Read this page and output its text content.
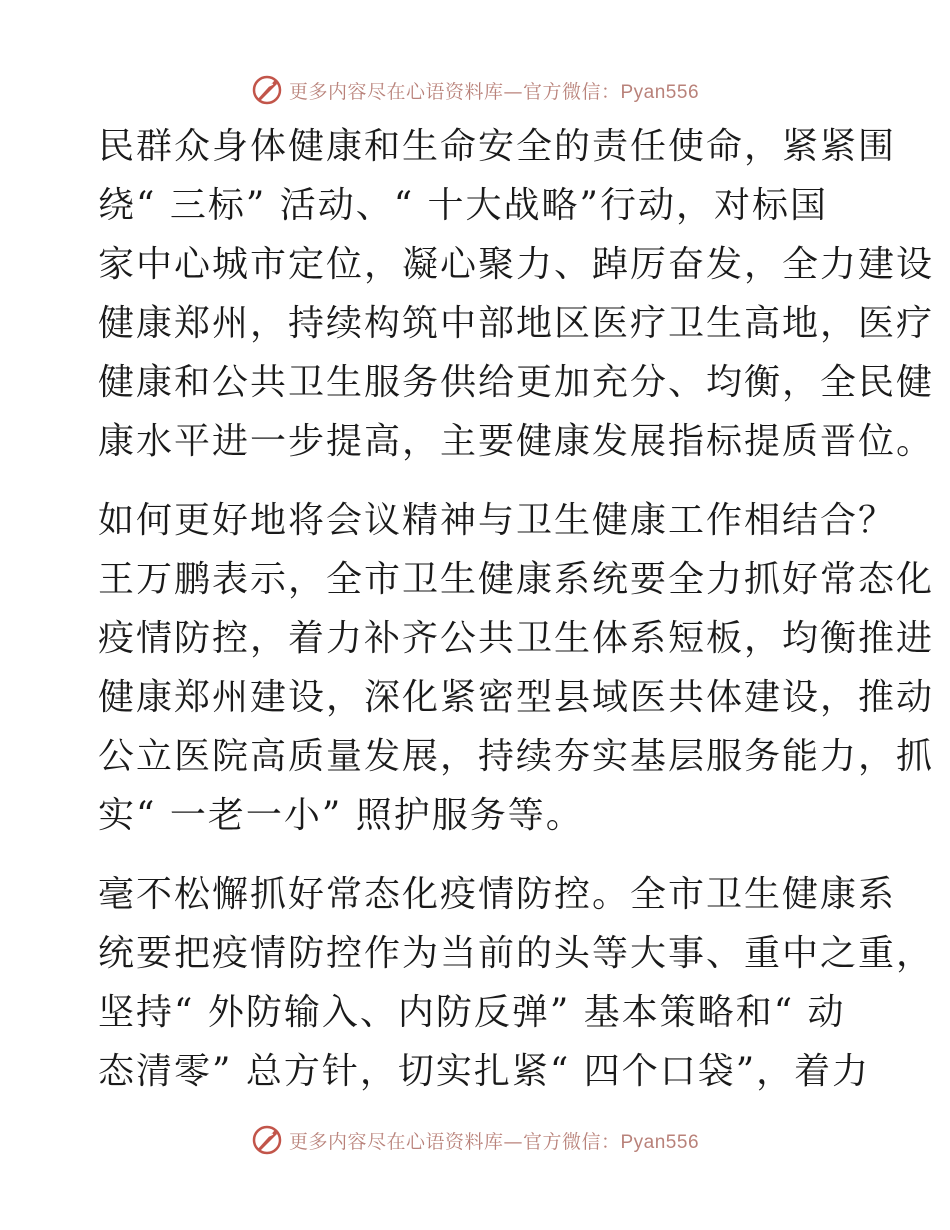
更多内容尽在心语资料库—官方微信：Pyan556
民群众身体健康和生命安全的责任使命，紧紧围
绕“ 三标” 活动、“ 十大战略”行动，对标国
家中心城市定位，凝心聚力、踔厉奋发，全力建设
健康郑州，持续构筑中部地区医疗卫生高地，医疗
健康和公共卫生服务供给更加充分、均衡，全民健
康水平进一步提高，主要健康发展指标提质晋位。
如何更好地将会议精神与卫生健康工作相结合？
王万鹏表示，全市卫生健康系统要全力抓好常态化
疫情防控，着力补齐公共卫生体系短板，均衡推进
健康郑州建设，深化紧密型县域医共体建设，推动
公立医院高质量发展，持续夯实基层服务能力，抓
实“ 一老一小” 照护服务等。
毫不松懈抓好常态化疫情防控。全市卫生健康系
统要把疫情防控作为当前的头等大事、重中之重，
坚持“ 外防输入、内防反弹” 基本策略和“ 动
态清零” 总方针，切实扎紧“ 四个口袋”，着力
更多内容尽在心语资料库—官方微信：Pyan556
